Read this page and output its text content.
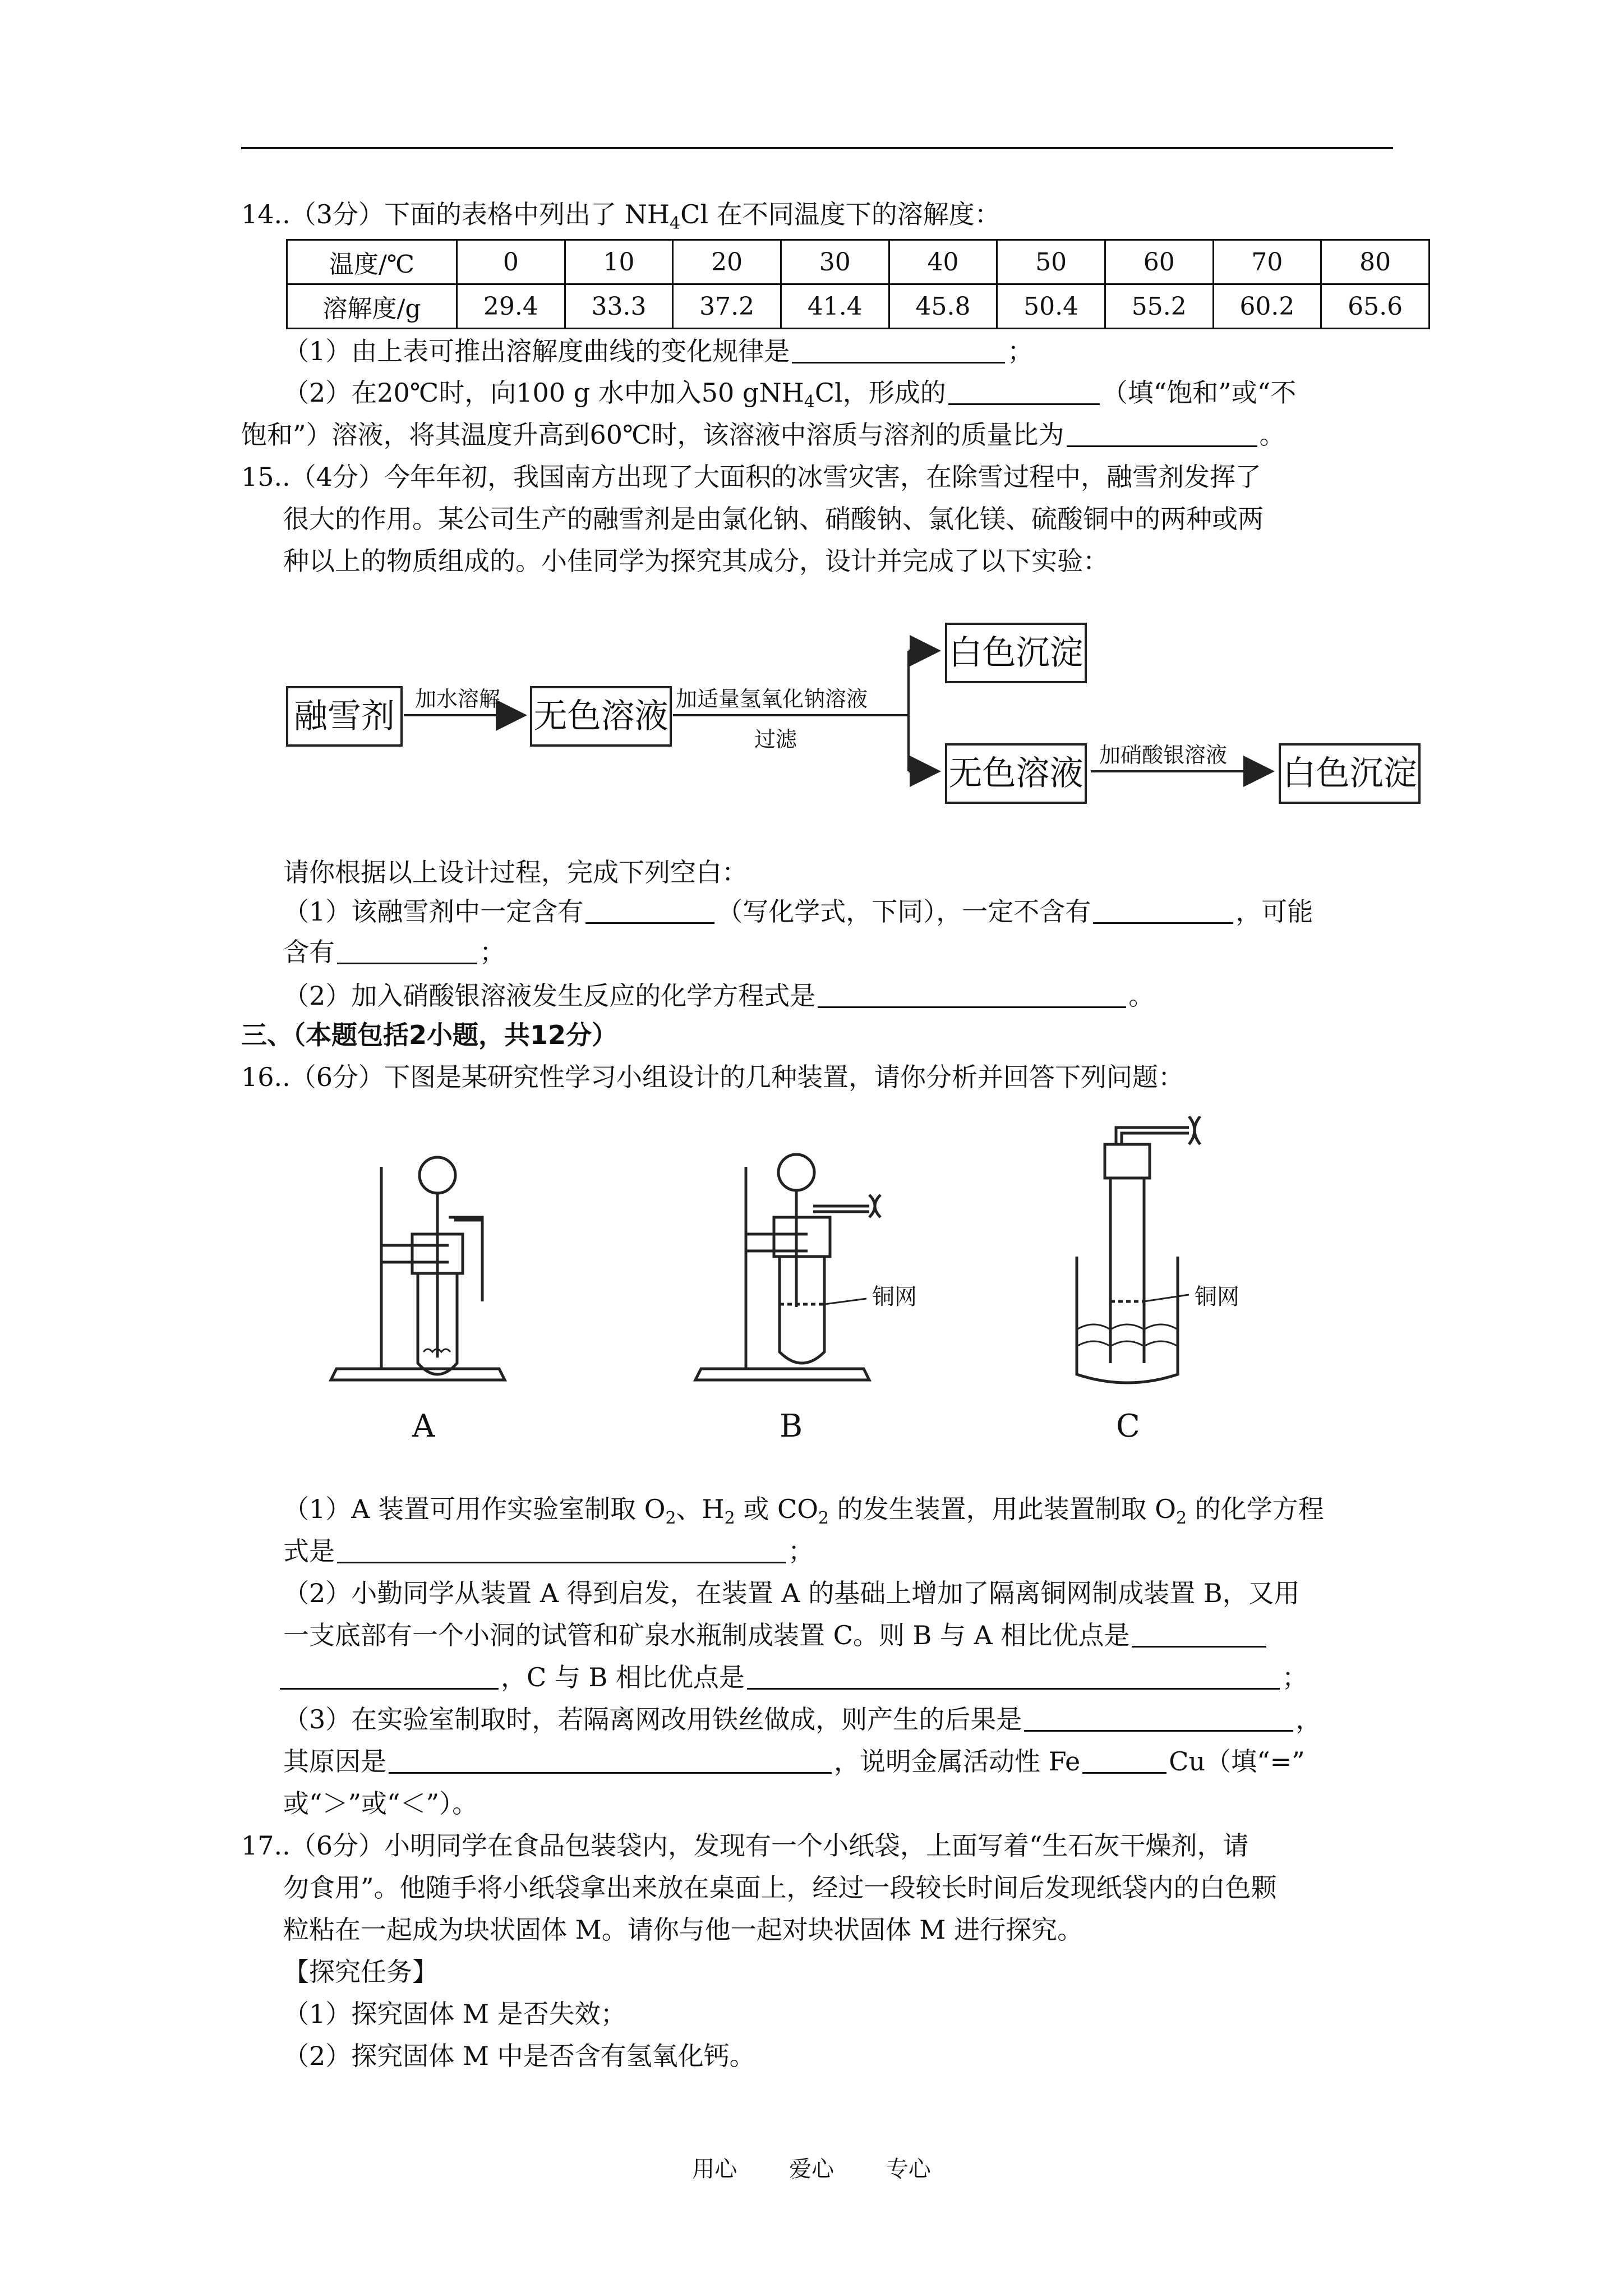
14..（3分）下面的表格中列出了 $NH_4Cl$ 在不同温度下的溶解度：
温度/℃	0	10	20	30	40	50	60	70	80
溶解度/g	29.4	33.3	37.2	41.4	45.8	50.4	55.2	60.2	65.6
（1）由上表可推出溶解度曲线的变化规律是	；
（2）在20℃时，向100 g 水中加入50 gNH$_4$Cl，形成的	（填“饱和”或“不
饱和”）溶液，将其温度升高到60℃时，该溶液中溶质与溶剂的质量比为	。
15..（4分）今年年初，我国南方出现了大面积的冰雪灾害，在除雪过程中，融雪剂发挥了
很大的作用。某公司生产的融雪剂是由氯化钠、硝酸钠、氯化镁、硫酸铜中的两种或两
种以上的物质组成的。小佳同学为探究其成分，设计并完成了以下实验：
融雪剂 加水溶解 无色溶液 加适量氢氧化钠溶液
过滤
白色沉淀
无色溶液 加硝酸银溶液 白色沉淀
请你根据以上设计过程，完成下列空白：
（1）该融雪剂中一定含有	（写化学式，下同），一定不含有	，可能
含有	；
（2）加入硝酸银溶液发生反应的化学方程式是	。
三、（本题包括2小题，共12分）
16..（6分）下图是某研究性学习小组设计的几种装置，请你分析并回答下列问题：
铜网	铜网
A	B	C
（1）A 装置可用作实验室制取 $O_2$、$H_2$ 或 $CO_2$ 的发生装置，用此装置制取 $O_2$ 的化学方程
式是	；
（2）小勤同学从装置 A 得到启发，在装置 A 的基础上增加了隔离铜网制成装置 B，又用
一支底部有一个小洞的试管和矿泉水瓶制成装置 C。则 B 与 A 相比优点是
，C 与 B 相比优点是	；
（3）在实验室制取时，若隔离网改用铁丝做成，则产生的后果是	，
其原因是	，说明金属活动性 Fe	Cu（填“=”
或“＞”或“＜”）。
17..（6分）小明同学在食品包装袋内，发现有一个小纸袋，上面写着“生石灰干燥剂，请
勿食用”。他随手将小纸袋拿出来放在桌面上，经过一段较长时间后发现纸袋内的白色颗
粒粘在一起成为块状固体 M。请你与他一起对块状固体 M 进行探究。
【探究任务】
（1）探究固体 M 是否失效；
（2）探究固体 M 中是否含有氢氧化钙。
用心 爱心 专心
